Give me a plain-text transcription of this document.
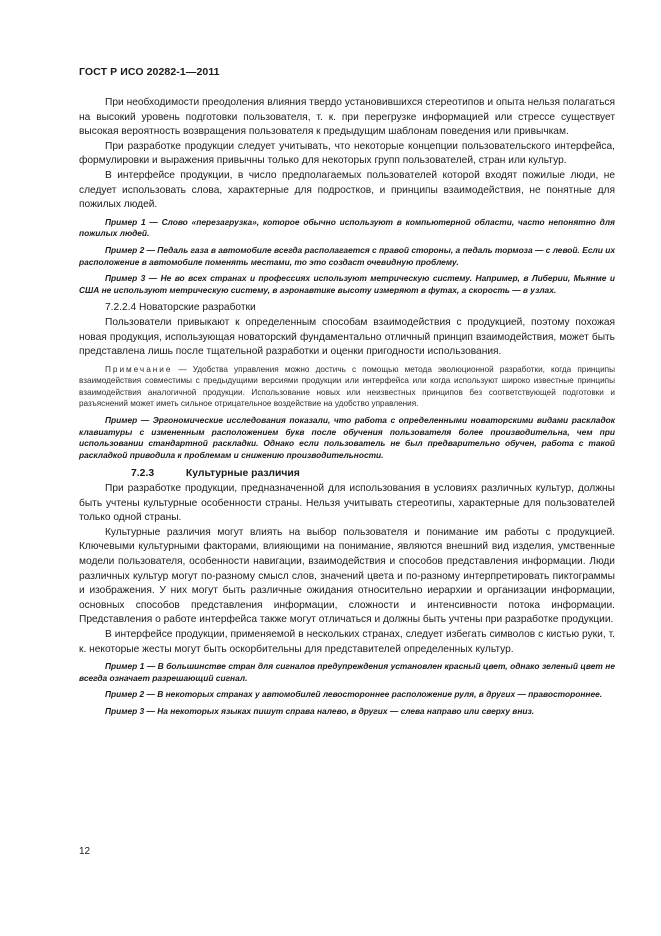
ГОСТ Р ИСО 20282-1—2011

При необходимости преодоления влияния твердо установившихся стереотипов и опыта нельзя полагаться на высокий уровень подготовки пользователя, т. к. при перегрузке информацией или стрессе существует высокая вероятность возвращения пользователя к предыдущим шаблонам поведения или привычкам.

При разработке продукции следует учитывать, что некоторые концепции пользовательского интерфейса, формулировки и выражения привычны только для некоторых групп пользователей, стран или культур.

В интерфейсе продукции, в число предполагаемых пользователей которой входят пожилые люди, не следует использовать слова, характерные для подростков, и принципы взаимодействия, не понятные для пожилых людей.

Пример 1 — Слово «перезагрузка», которое обычно используют в компьютерной области, часто непонятно для пожилых людей.

Пример 2 — Педаль газа в автомобиле всегда располагается с правой стороны, а педаль тормоза — с левой. Если их расположение в автомобиле поменять местами, то это создаст очевидную проблему.

Пример 3 — Не во всех странах и профессиях используют метрическую систему. Например, в Либерии, Мьянме и США не используют метрическую систему, в аэронавтике высоту измеряют в футах, а скорость — в узлах.

7.2.2.4 Новаторские разработки

Пользователи привыкают к определенным способам взаимодействия с продукцией, поэтому похожая новая продукция, использующая новаторский фундаментально отличный принцип взаимодействия, может быть представлена лишь после тщательной разработки и оценки пригодности использования.

Примечание — Удобства управления можно достичь с помощью метода эволюционной разработки, когда принципы взаимодействия совместимы с предыдущими версиями продукции или интерфейса или когда используют широко известные принципы взаимодействия аналогичной продукции. Использование новых или неизвестных принципов без соответствующей подготовки и разъяснений может иметь сильное отрицательное воздействие на удобство управления.

Пример — Эргономические исследования показали, что работа с определенными новаторскими видами раскладок клавиатуры с измененным расположением букв после обучения пользователя более производительна, чем при использовании стандартной раскладки. Однако если пользователь не был предварительно обучен, работа с такой раскладкой приводила к проблемам и снижению производительности.

7.2.3	Культурные различия

При разработке продукции, предназначенной для использования в условиях различных культур, должны быть учтены культурные особенности страны. Нельзя учитывать стереотипы, характерные для пользователей только одной страны.

Культурные различия могут влиять на выбор пользователя и понимание им работы с продукцией. Ключевыми культурными факторами, влияющими на понимание, являются внешний вид изделия, умственные модели пользователя, особенности навигации, взаимодействия и способов представления информации. Люди различных культур могут по-разному смысл слов, значений цвета и по-разному интерпретировать пиктограммы и изображения. У них могут быть различные ожидания относительно иерархии и организации информации, основных способов представления информации, сложности и интенсивности потока информации. Представления о работе интерфейса также могут отличаться и должны быть учтены при разработке продукции.

В интерфейсе продукции, применяемой в нескольких странах, следует избегать символов с кистью руки, т. к. некоторые жесты могут быть оскорбительны для представителей определенных культур.

Пример 1 — В большинстве стран для сигналов предупреждения установлен красный цвет, однако зеленый цвет не всегда означает разрешающий сигнал.

Пример 2 — В некоторых странах у автомобилей левостороннее расположение руля, в других — правостороннее.

Пример 3 — На некоторых языках пишут справа налево, в других — слева направо или сверху вниз.

12
